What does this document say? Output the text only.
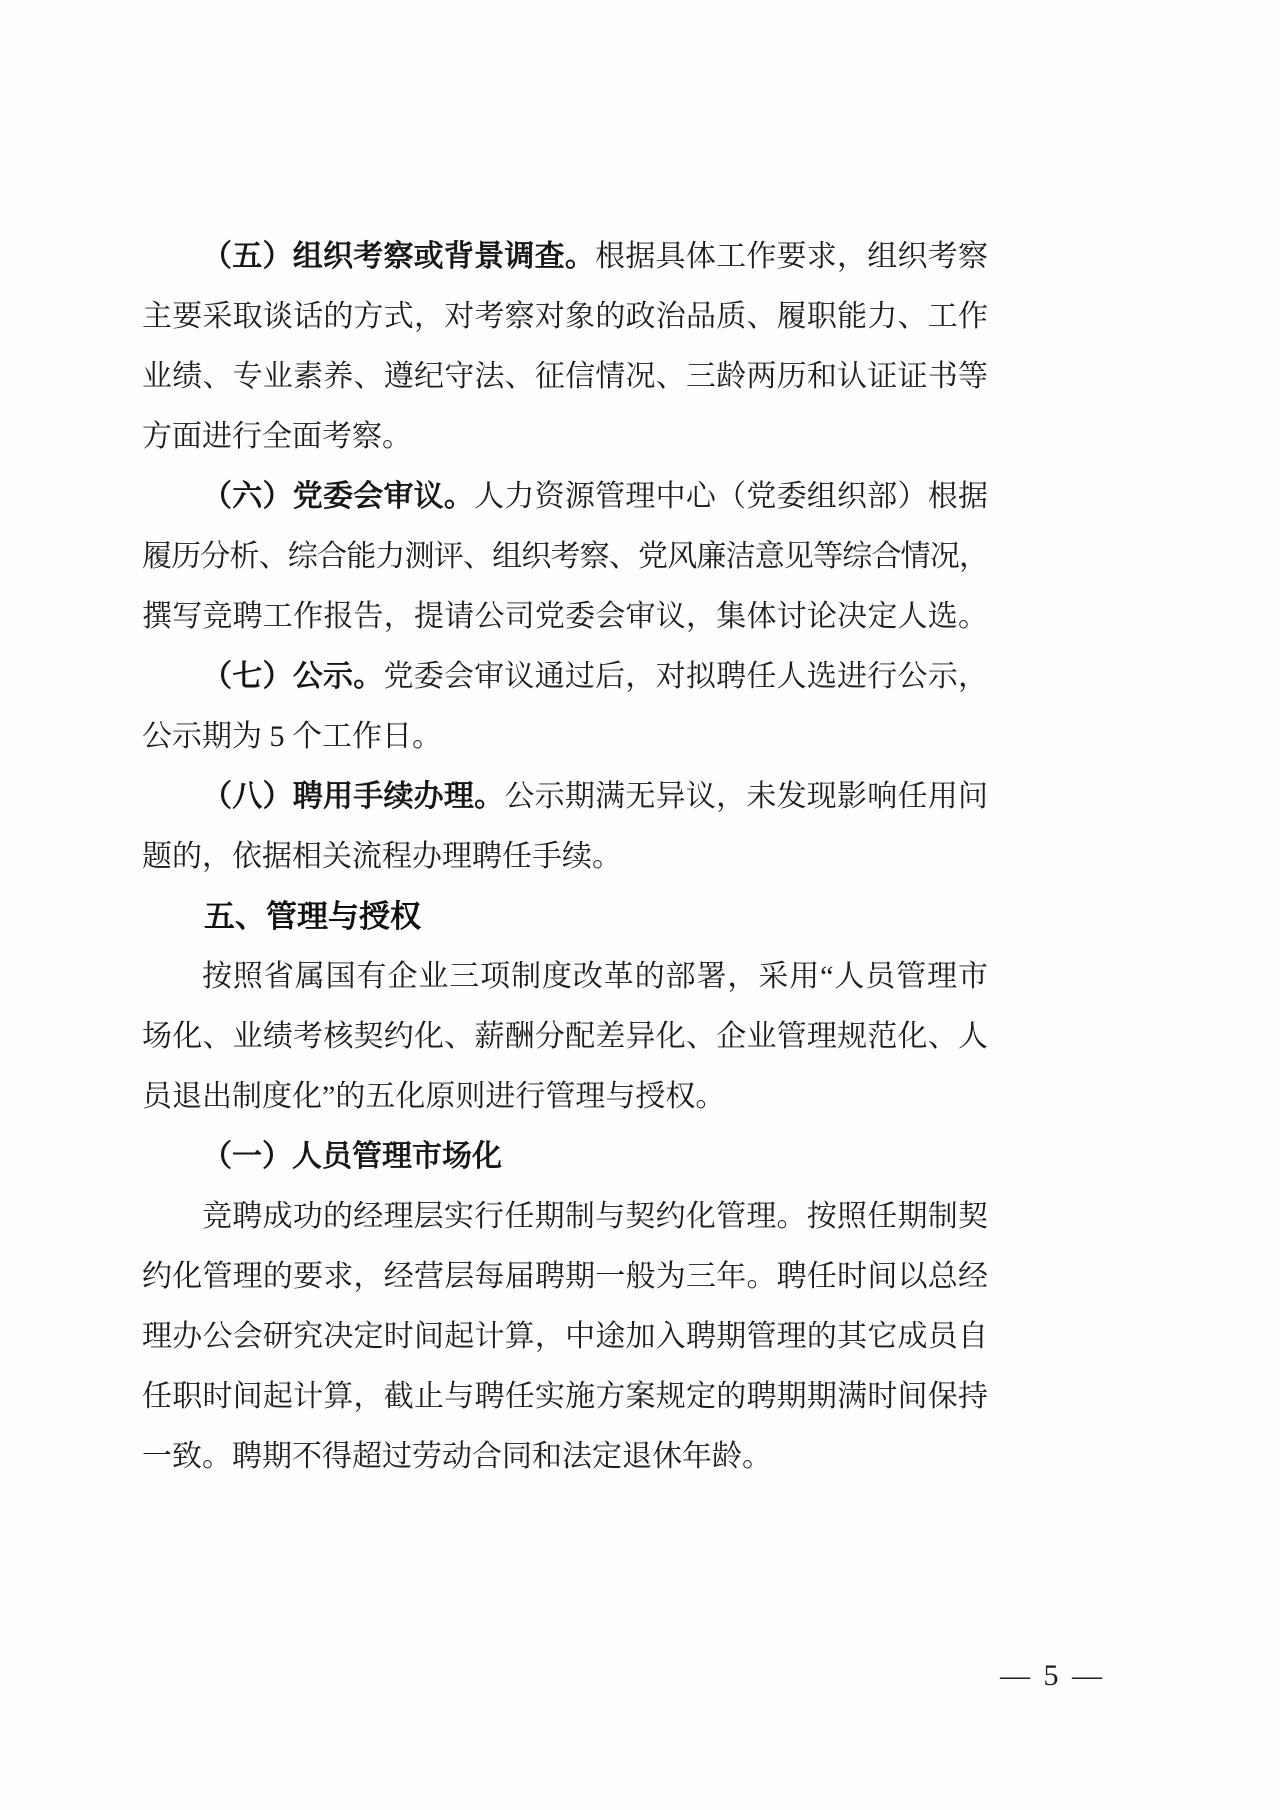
（五）组织考察或背景调查。根据具体工作要求，组织考察
主要采取谈话的方式，对考察对象的政治品质、履职能力、工作
业绩、专业素养、遵纪守法、征信情况、三龄两历和认证证书等
方面进行全面考察。
（六）党委会审议。人力资源管理中心（党委组织部）根据
履历分析、综合能力测评、组织考察、党风廉洁意见等综合情况，
撰写竞聘工作报告，提请公司党委会审议，集体讨论决定人选。
（七）公示。党委会审议通过后，对拟聘任人选进行公示，
公示期为 5 个工作日。
（八）聘用手续办理。公示期满无异议，未发现影响任用问
题的，依据相关流程办理聘任手续。
五、管理与授权
按照省属国有企业三项制度改革的部署，采用“人员管理市
场化、业绩考核契约化、薪酬分配差异化、企业管理规范化、人
员退出制度化”的五化原则进行管理与授权。
（一）人员管理市场化
竞聘成功的经理层实行任期制与契约化管理。按照任期制契
约化管理的要求，经营层每届聘期一般为三年。聘任时间以总经
理办公会研究决定时间起计算，中途加入聘期管理的其它成员自
任职时间起计算，截止与聘任实施方案规定的聘期期满时间保持
一致。聘期不得超过劳动合同和法定退休年龄。
— 5 —
